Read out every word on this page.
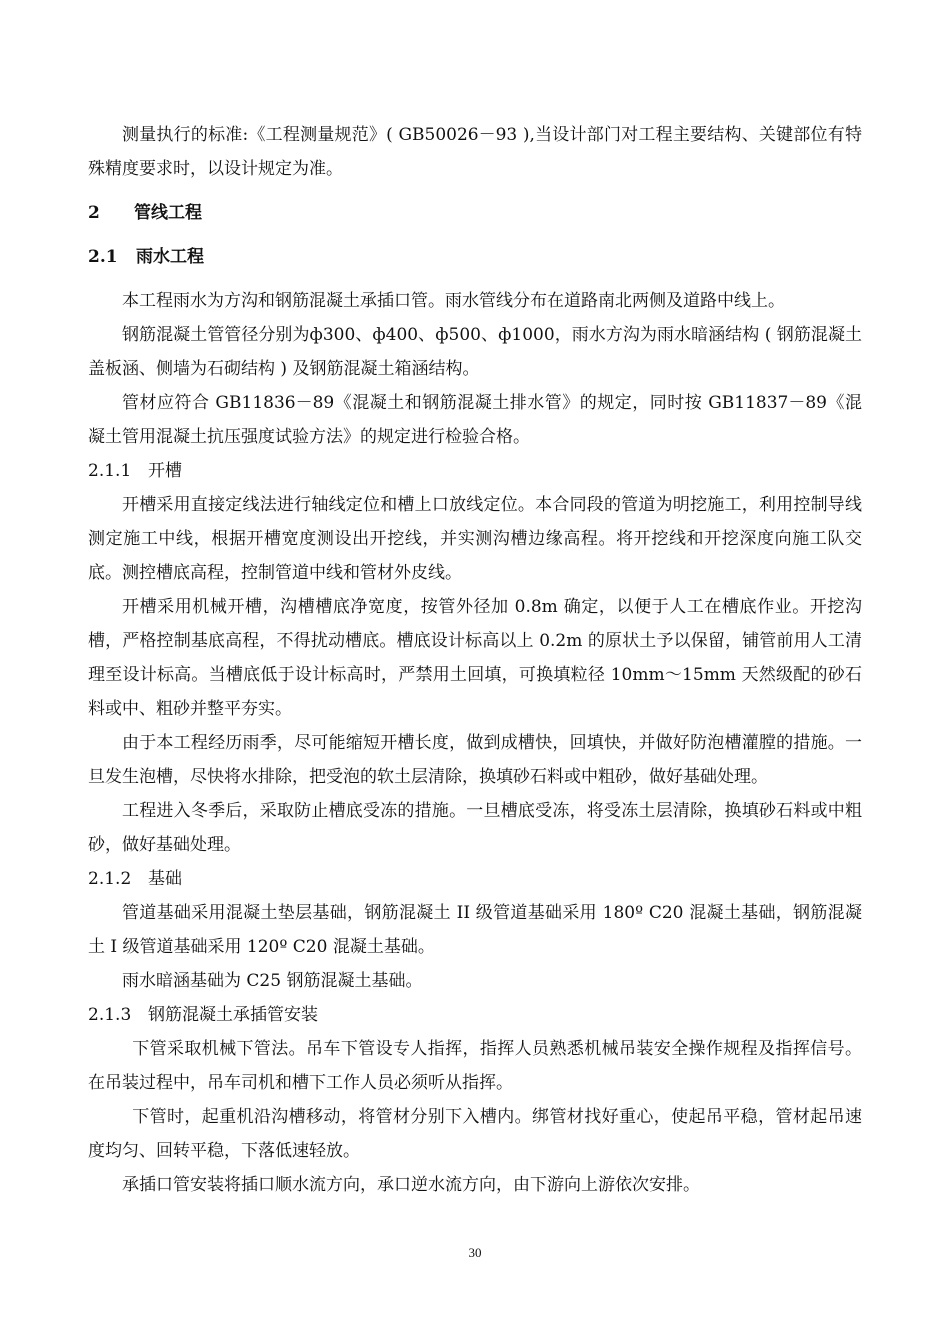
测量执行的标准:《工程测量规范》( GB50026－93 ),当设计部门对工程主要结构、关键部位有特殊精度要求时，以设计规定为准。

2 管线工程
2.1 雨水工程

本工程雨水为方沟和钢筋混凝土承插口管。雨水管线分布在道路南北两侧及道路中线上。

钢筋混凝土管管径分别为ф300、ф400、ф500、ф1000，雨水方沟为雨水暗涵结构 ( 钢筋混凝土盖板涵、侧墙为石砌结构 ) 及钢筋混凝土箱涵结构。

管材应符合 GB11836－89《混凝土和钢筋混凝土排水管》的规定，同时按 GB11837－89《混凝土管用混凝土抗压强度试验方法》的规定进行检验合格。

2.1.1 开槽

开槽采用直接定线法进行轴线定位和槽上口放线定位。本合同段的管道为明挖施工，利用控制导线测定施工中线，根据开槽宽度测设出开挖线，并实测沟槽边缘高程。将开挖线和开挖深度向施工队交底。测控槽底高程，控制管道中线和管材外皮线。

开槽采用机械开槽，沟槽槽底净宽度，按管外径加 0.8m 确定，以便于人工在槽底作业。开挖沟槽，严格控制基底高程，不得扰动槽底。槽底设计标高以上 0.2m 的原状土予以保留，铺管前用人工清理至设计标高。当槽底低于设计标高时，严禁用土回填，可换填粒径 10mm～15mm 天然级配的砂石料或中、粗砂并整平夯实。

由于本工程经历雨季，尽可能缩短开槽长度，做到成槽快，回填快，并做好防泡槽灌膛的措施。一旦发生泡槽，尽快将水排除，把受泡的软土层清除，换填砂石料或中粗砂，做好基础处理。

工程进入冬季后，采取防止槽底受冻的措施。一旦槽底受冻，将受冻土层清除，换填砂石料或中粗砂，做好基础处理。

2.1.2 基础

管道基础采用混凝土垫层基础，钢筋混凝土 II 级管道基础采用 180º C20 混凝土基础，钢筋混凝土 I 级管道基础采用 120º C20 混凝土基础。

雨水暗涵基础为 C25 钢筋混凝土基础。

2.1.3 钢筋混凝土承插管安装

下管采取机械下管法。吊车下管设专人指挥，指挥人员熟悉机械吊装安全操作规程及指挥信号。在吊装过程中，吊车司机和槽下工作人员必须听从指挥。

下管时，起重机沿沟槽移动，将管材分别下入槽内。绑管材找好重心，使起吊平稳，管材起吊速度均匀、回转平稳，下落低速轻放。

承插口管安装将插口顺水流方向，承口逆水流方向，由下游向上游依次安排。

30
